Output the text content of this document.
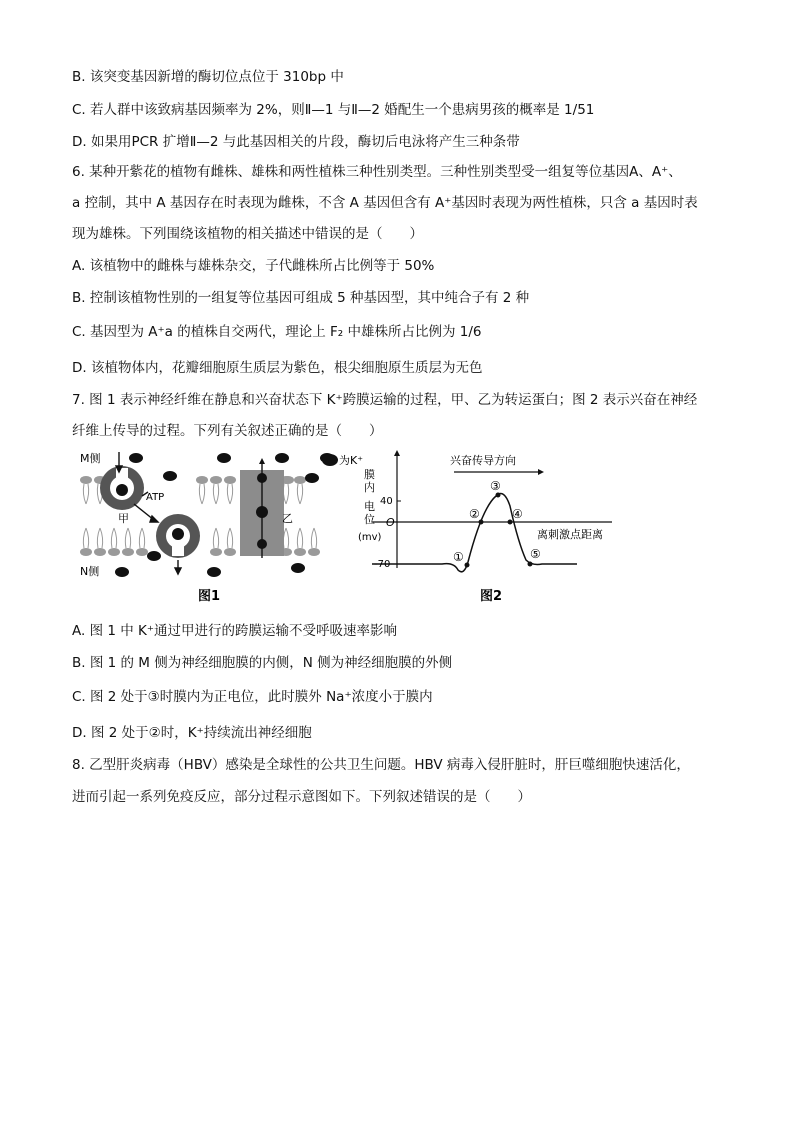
B. 该突变基因新增的酶切位点位于 310bp 中
C. 若人群中该致病基因频率为 2%，则Ⅱ—1 与Ⅱ—2 婚配生一个患病男孩的概率是 1/51
D. 如果用PCR 扩增Ⅱ—2 与此基因相关的片段，酶切后电泳将产生三种条带
6. 某种开紫花的植物有雌株、雄株和两性植株三种性别类型。三种性别类型受一组复等位基因A、A⁺、
a 控制，其中 A 基因存在时表现为雌株，不含 A 基因但含有 A⁺基因时表现为两性植株，只含 a 基因时表
现为雄株。下列围绕该植物的相关描述中错误的是（　　）
A. 该植物中的雌株与雄株杂交，子代雌株所占比例等于 50%
B. 控制该植物性别的一组复等位基因可组成 5 种基因型，其中纯合子有 2 种
C. 基因型为 A⁺a 的植株自交两代，理论上 F₂ 中雄株所占比例为 1/6
D. 该植物体内，花瓣细胞原生质层为紫色，根尖细胞原生质层为无色
7. 图 1 表示神经纤维在静息和兴奋状态下 K⁺跨膜运输的过程，甲、乙为转运蛋白；图 2 表示兴奋在神经
纤维上传导的过程。下列有关叙述正确的是（　　）
M侧
N侧
为K⁺
ATP
甲	乙
图1
兴奋传导方向
膜
内
电
位
(mv)
40
O
-70
离刺激点距离
①
②
③
④
⑤
图2
A. 图 1 中 K⁺通过甲进行的跨膜运输不受呼吸速率影响
B. 图 1 的 M 侧为神经细胞膜的内侧，N 侧为神经细胞膜的外侧
C. 图 2 处于③时膜内为正电位，此时膜外 Na⁺浓度小于膜内
D. 图 2 处于②时，K⁺持续流出神经细胞
8. 乙型肝炎病毒（HBV）感染是全球性的公共卫生问题。HBV 病毒入侵肝脏时，肝巨噬细胞快速活化，
进而引起一系列免疫反应，部分过程示意图如下。下列叙述错误的是（　　）
